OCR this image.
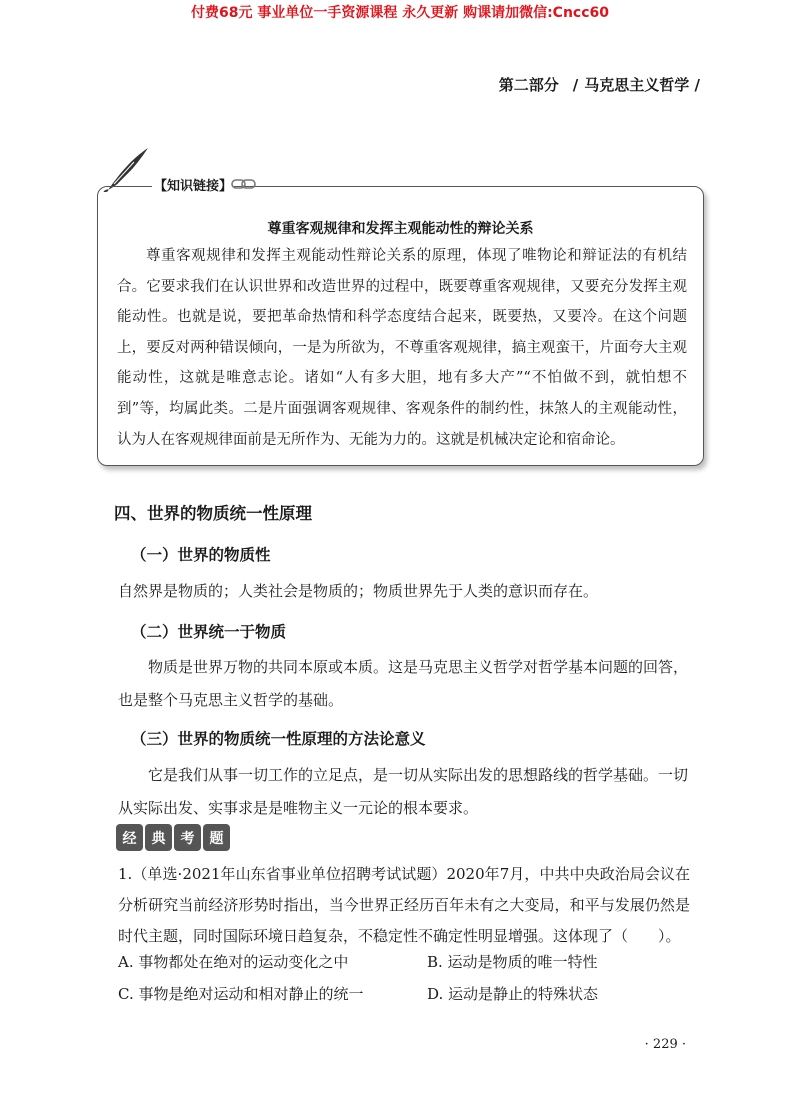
付费68元 事业单位一手资源课程 永久更新 购课请加微信:Cncc60
第二部分 / 马克思主义哲学 /
【知识链接】
尊重客观规律和发挥主观能动性的辩论关系

尊重客观规律和发挥主观能动性辩论关系的原理，体现了唯物论和辩证法的有机结合。它要求我们在认识世界和改造世界的过程中，既要尊重客观规律，又要充分发挥主观能动性。也就是说，要把革命热情和科学态度结合起来，既要热，又要冷。在这个问题上，要反对两种错误倾向，一是为所欲为，不尊重客观规律，搞主观蛮干，片面夸大主观能动性，这就是唯意志论。诸如“人有多大胆，地有多大产”“不怕做不到，就怕想不到”等，均属此类。二是片面强调客观规律、客观条件的制约性，抹煞人的主观能动性，认为人在客观规律面前是无所作为、无能为力的。这就是机械决定论和宿命论。

四、世界的物质统一性原理
（一）世界的物质性

自然界是物质的；人类社会是物质的；物质世界先于人类的意识而存在。

（二）世界统一于物质

物质是世界万物的共同本原或本质。这是马克思主义哲学对哲学基本问题的回答，也是整个马克思主义哲学的基础。

（三）世界的物质统一性原理的方法论意义

它是我们从事一切工作的立足点，是一切从实际出发的思想路线的哲学基础。一切从实际出发、实事求是是唯物主义一元论的根本要求。

经	典	考	题

1.（单选·2021年山东省事业单位招聘考试试题）2020年7月，中共中央政治局会议在分析研究当前经济形势时指出，当今世界正经历百年未有之大变局，和平与发展仍然是时代主题，同时国际环境日趋复杂，不稳定性不确定性明显增强。这体现了（　　）。

A. 事物都处在绝对的运动变化之中	B. 运动是物质的唯一特性
C. 事物是绝对运动和相对静止的统一	D. 运动是静止的特殊状态
· 229 ·
